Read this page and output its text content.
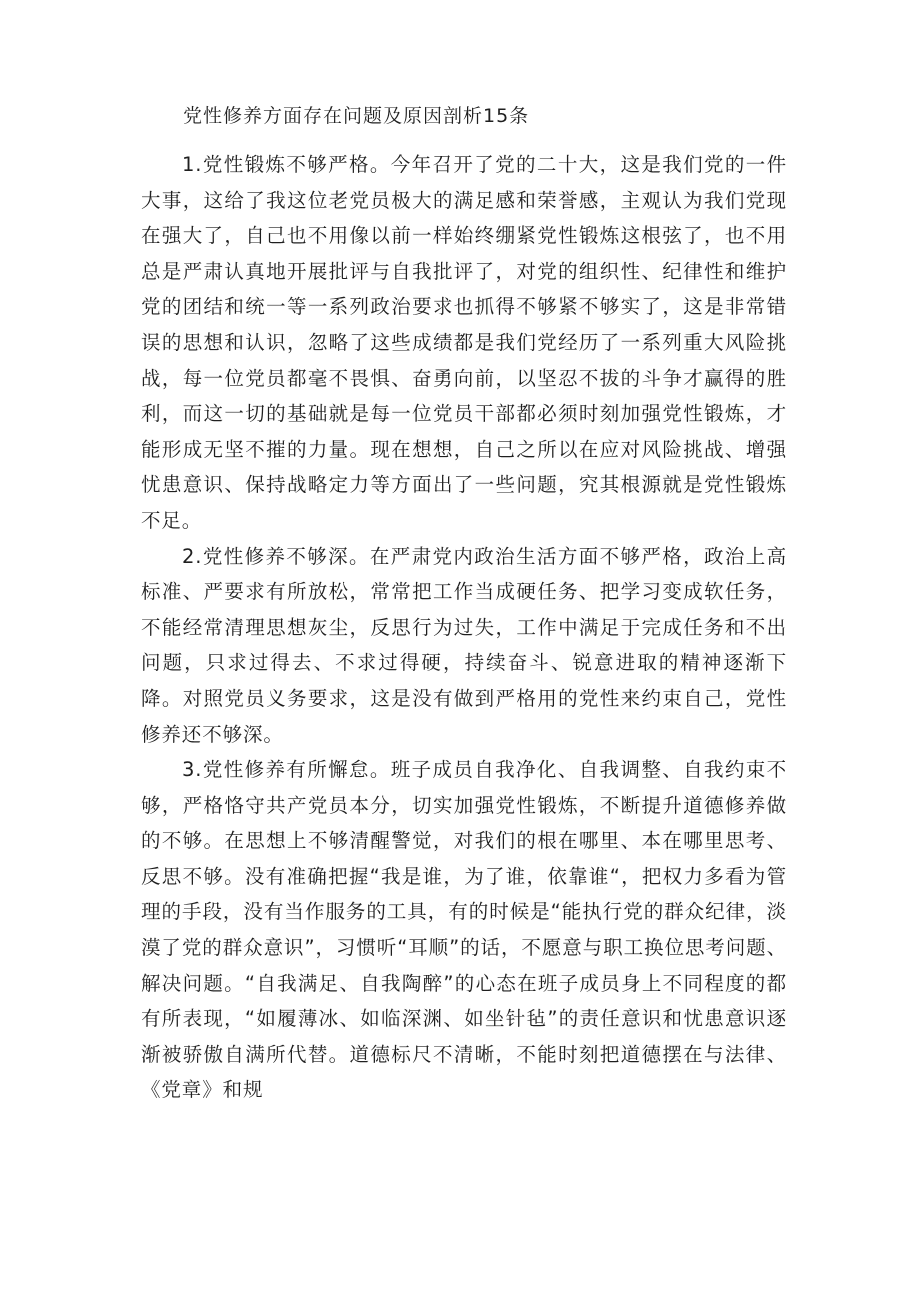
党性修养方面存在问题及原因剖析15条

1.党性锻炼不够严格。今年召开了党的二十大，这是我们党的一件大事，这给了我这位老党员极大的满足感和荣誉感，主观认为我们党现在强大了，自己也不用像以前一样始终绷紧党性锻炼这根弦了，也不用总是严肃认真地开展批评与自我批评了，对党的组织性、纪律性和维护党的团结和统一等一系列政治要求也抓得不够紧不够实了，这是非常错误的思想和认识，忽略了这些成绩都是我们党经历了一系列重大风险挑战，每一位党员都毫不畏惧、奋勇向前，以坚忍不拔的斗争才赢得的胜利，而这一切的基础就是每一位党员干部都必须时刻加强党性锻炼，才能形成无坚不摧的力量。现在想想，自己之所以在应对风险挑战、增强忧患意识、保持战略定力等方面出了一些问题，究其根源就是党性锻炼不足。

2.党性修养不够深。在严肃党内政治生活方面不够严格，政治上高标准、严要求有所放松，常常把工作当成硬任务、把学习变成软任务，不能经常清理思想灰尘，反思行为过失，工作中满足于完成任务和不出问题，只求过得去、不求过得硬，持续奋斗、锐意进取的精神逐渐下降。对照党员义务要求，这是没有做到严格用的党性来约束自己，党性修养还不够深。

3.党性修养有所懈怠。班子成员自我净化、自我调整、自我约束不够，严格恪守共产党员本分，切实加强党性锻炼，不断提升道德修养做的不够。在思想上不够清醒警觉，对我们的根在哪里、本在哪里思考、反思不够。没有准确把握“我是谁，为了谁，依靠谁“，把权力多看为管理的手段，没有当作服务的工具，有的时候是“能执行党的群众纪律，淡漠了党的群众意识”，习惯听“耳顺”的话，不愿意与职工换位思考问题、解决问题。“自我满足、自我陶醉”的心态在班子成员身上不同程度的都有所表现，“如履薄冰、如临深渊、如坐针毡”的责任意识和忧患意识逐渐被骄傲自满所代替。道德标尺不清晰，不能时刻把道德摆在与法律、《党章》和规
